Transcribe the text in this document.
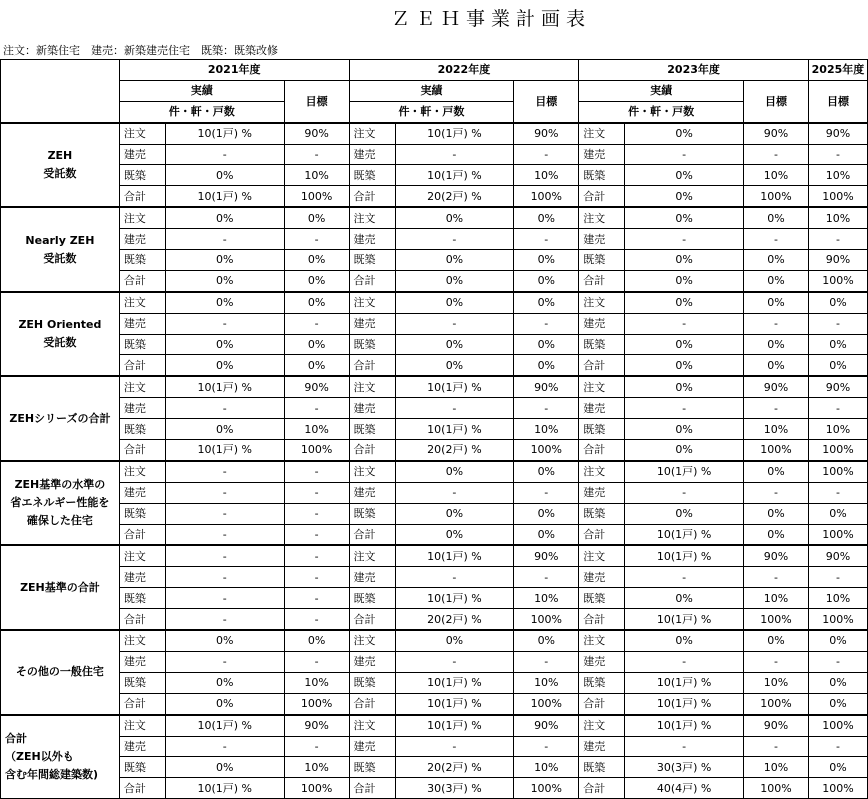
ＺＥＨ事業計画表
注文：新築住宅　建売：新築建売住宅　既築：既築改修
	2021年度			2022年度			2023年度			2025年度
	実績		目標	実績		目標	実績		目標	目標
	件・軒・戸数			件・軒・戸数			件・軒・戸数			
ZEH
受託数	注文	10(1戸) %	90%	注文	10(1戸) %	90%	注文	0%	90%	90%
	建売	-	-	建売	-	-	建売	-	-	-
	既築	0%	10%	既築	10(1戸) %	10%	既築	0%	10%	10%
	合計	10(1戸) %	100%	合計	20(2戸) %	100%	合計	0%	100%	100%
Nearly ZEH
受託数	注文	0%	0%	注文	0%	0%	注文	0%	0%	10%
	建売	-	-	建売	-	-	建売	-	-	-
	既築	0%	0%	既築	0%	0%	既築	0%	0%	90%
	合計	0%	0%	合計	0%	0%	合計	0%	0%	100%
ZEH Oriented
受託数	注文	0%	0%	注文	0%	0%	注文	0%	0%	0%
	建売	-	-	建売	-	-	建売	-	-	-
	既築	0%	0%	既築	0%	0%	既築	0%	0%	0%
	合計	0%	0%	合計	0%	0%	合計	0%	0%	0%
ZEHシリーズの合計	注文	10(1戸) %	90%	注文	10(1戸) %	90%	注文	0%	90%	90%
	建売	-	-	建売	-	-	建売	-	-	-
	既築	0%	10%	既築	10(1戸) %	10%	既築	0%	10%	10%
	合計	10(1戸) %	100%	合計	20(2戸) %	100%	合計	0%	100%	100%
ZEH基準の水準の
省エネルギー性能を
確保した住宅	注文	-	-	注文	0%	0%	注文	10(1戸) %	0%	100%
	建売	-	-	建売	-	-	建売	-	-	-
	既築	-	-	既築	0%	0%	既築	0%	0%	0%
	合計	-	-	合計	0%	0%	合計	10(1戸) %	0%	100%
ZEH基準の合計	注文	-	-	注文	10(1戸) %	90%	注文	10(1戸) %	90%	90%
	建売	-	-	建売	-	-	建売	-	-	-
	既築	-	-	既築	10(1戸) %	10%	既築	0%	10%	10%
	合計	-	-	合計	20(2戸) %	100%	合計	10(1戸) %	100%	100%
その他の一般住宅	注文	0%	0%	注文	0%	0%	注文	0%	0%	0%
	建売	-	-	建売	-	-	建売	-	-	-
	既築	0%	10%	既築	10(1戸) %	10%	既築	10(1戸) %	10%	0%
	合計	0%	100%	合計	10(1戸) %	100%	合計	10(1戸) %	100%	0%
合計
（ZEH以外も
含む年間総建築数)	注文	10(1戸) %	90%	注文	10(1戸) %	90%	注文	10(1戸) %	90%	100%
	建売	-	-	建売	-	-	建売	-	-	-
	既築	0%	10%	既築	20(2戸) %	10%	既築	30(3戸) %	10%	0%
	合計	10(1戸) %	100%	合計	30(3戸) %	100%	合計	40(4戸) %	100%	100%
